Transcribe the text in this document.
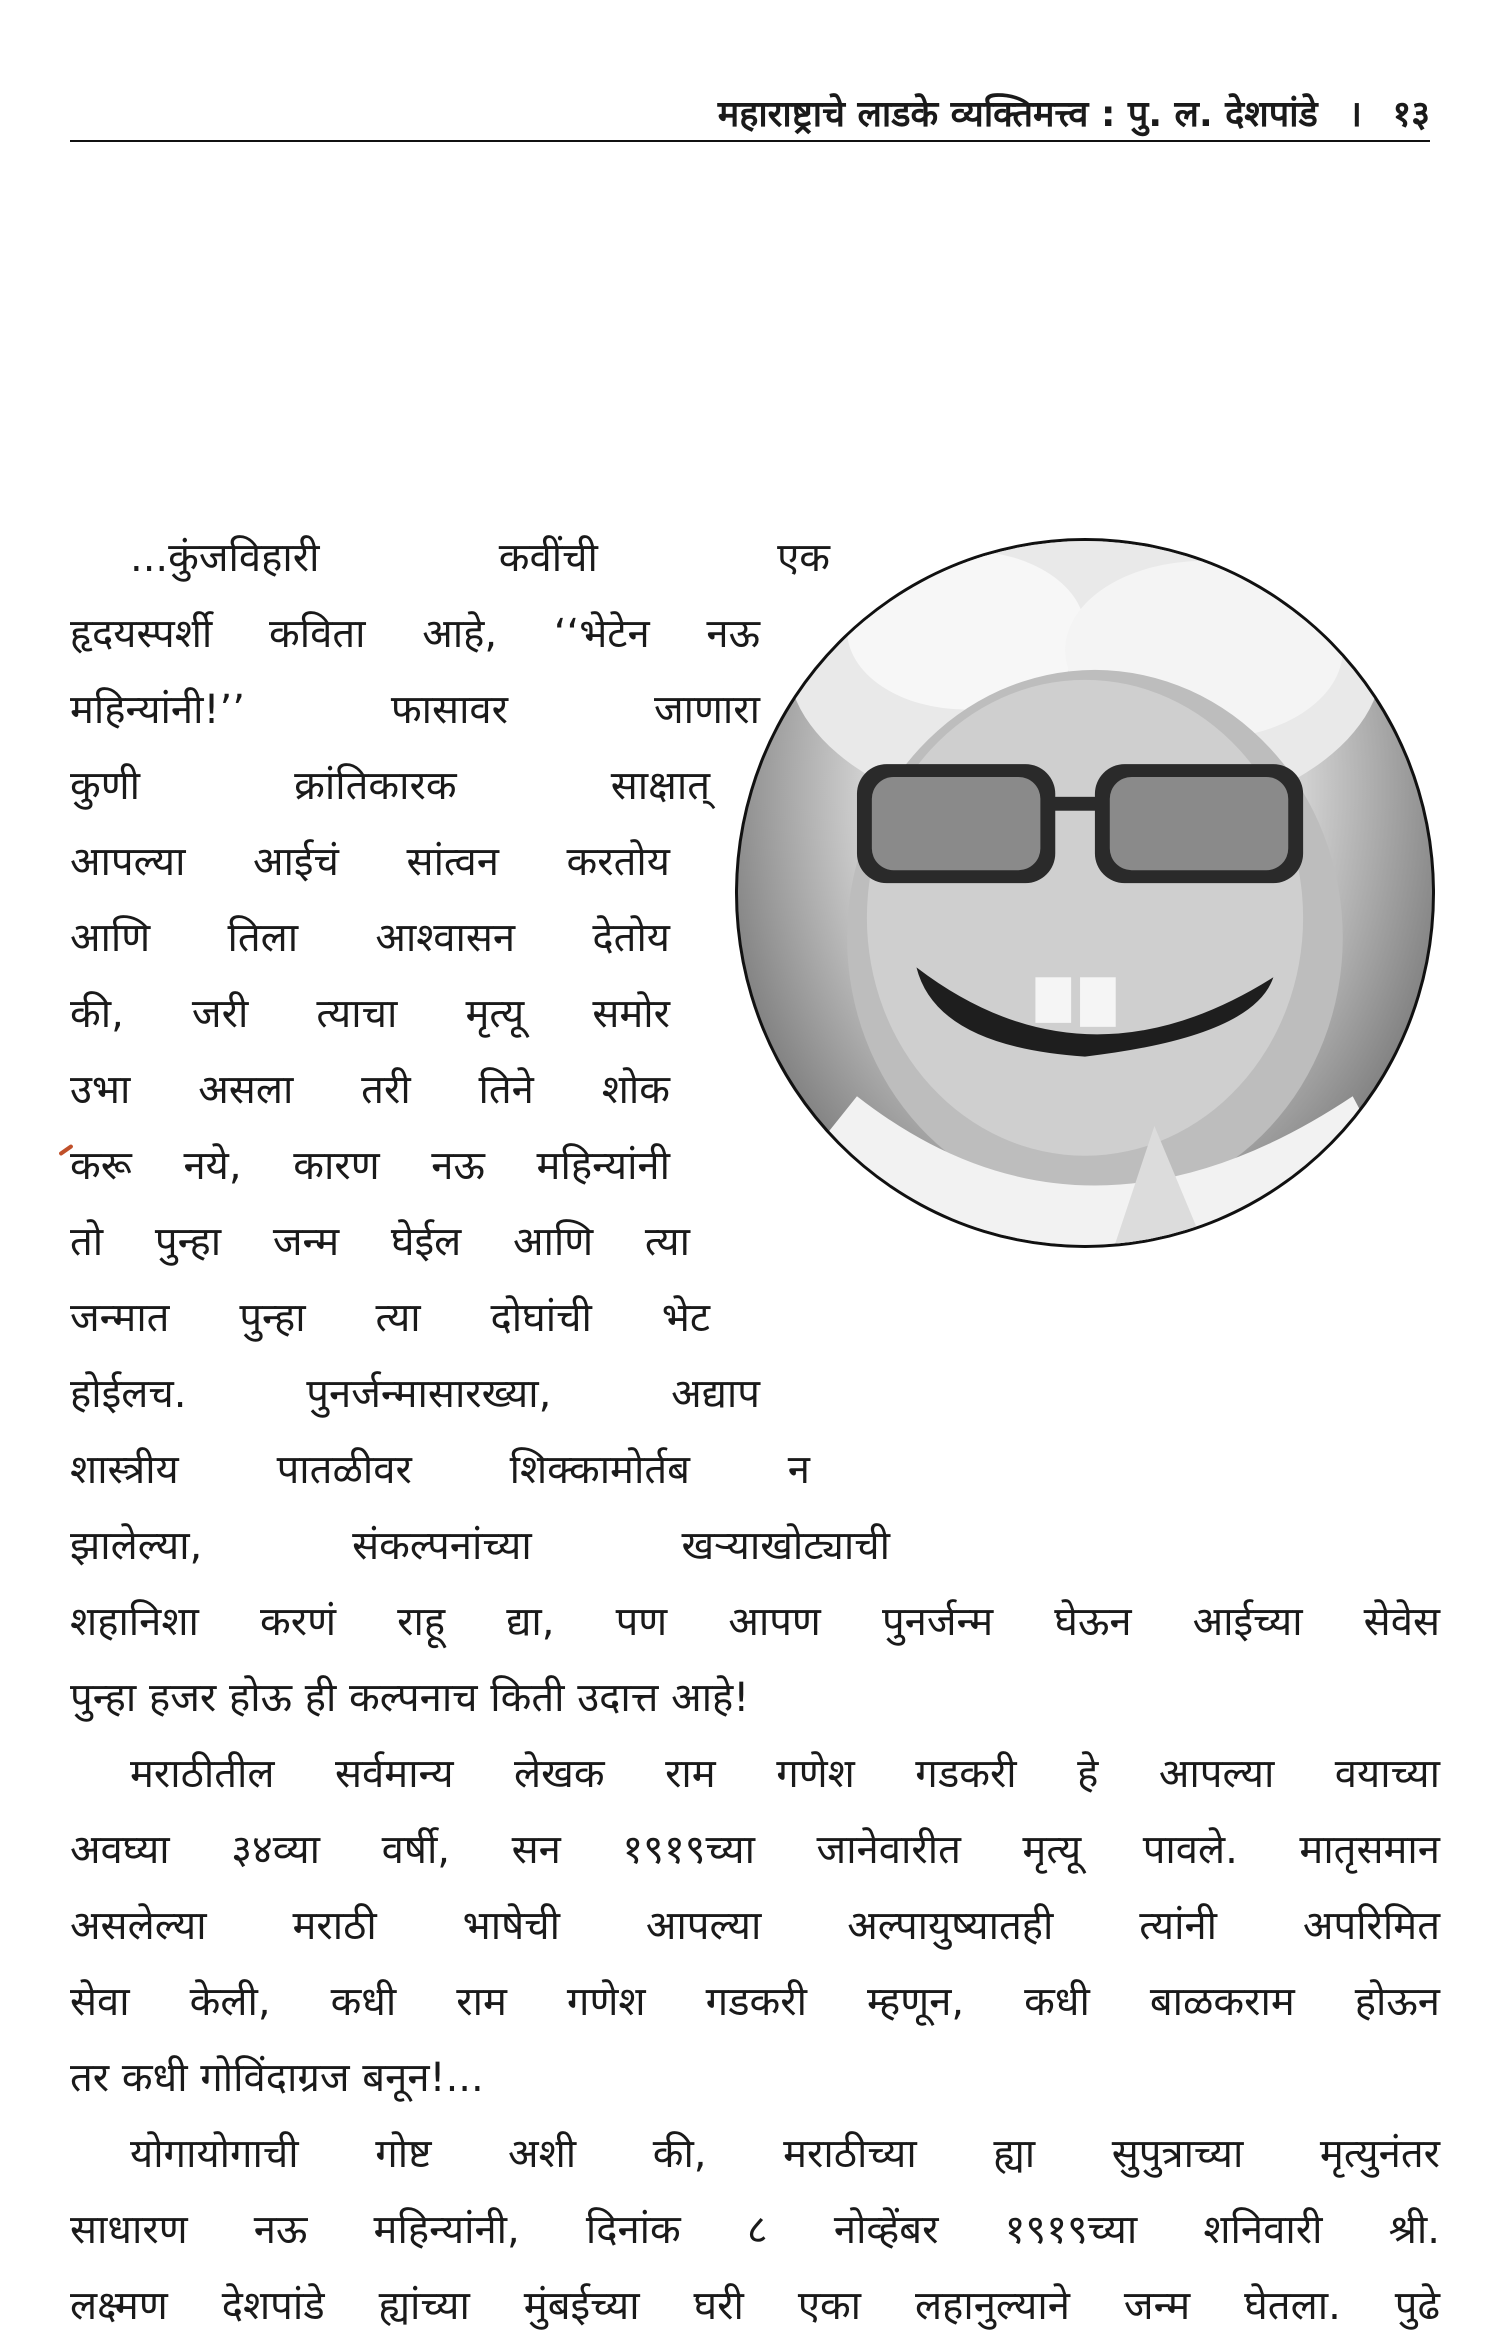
महाराष्ट्राचे लाडके व्यक्तिमत्त्व : पु. ल. देशपांडे । १३
...कुंजविहारी कवींची एक
हृदयस्पर्शी कविता आहे, ‘‘भेटेन नऊ
महिन्यांनी!’’ फासावर जाणारा
कुणी क्रांतिकारक साक्षात्
आपल्या आईचं सांत्वन करतोय
आणि तिला आश्वासन देतोय
की, जरी त्याचा मृत्यू समोर
उभा असला तरी तिने शोक
करू नये, कारण नऊ महिन्यांनी
तो पुन्हा जन्म घेईल आणि त्या
जन्मात पुन्हा त्या दोघांची भेट
होईलच. पुनर्जन्मासारख्या, अद्याप
शास्त्रीय पातळीवर शिक्कामोर्तब न
झालेल्या, संकल्पनांच्या खऱ्याखोट्याची
शहानिशा करणं राहू द्या, पण आपण पुनर्जन्म घेऊन आईच्या सेवेस
पुन्हा हजर होऊ ही कल्पनाच किती उदात्त आहे!
मराठीतील सर्वमान्य लेखक राम गणेश गडकरी हे आपल्या वयाच्या
अवघ्या ३४व्या वर्षी, सन १९१९च्या जानेवारीत मृत्यू पावले. मातृसमान
असलेल्या मराठी भाषेची आपल्या अल्पायुष्यातही त्यांनी अपरिमित
सेवा केली, कधी राम गणेश गडकरी म्हणून, कधी बाळकराम होऊन
तर कधी गोविंदाग्रज बनून!...
योगायोगाची गोष्ट अशी की, मराठीच्या ह्या सुपुत्राच्या मृत्युनंतर
साधारण नऊ महिन्यांनी, दिनांक ८ नोव्हेंबर १९१९च्या शनिवारी श्री.
लक्ष्मण देशपांडे ह्यांच्या मुंबईच्या घरी एका लहानुल्याने जन्म घेतला. पुढे
